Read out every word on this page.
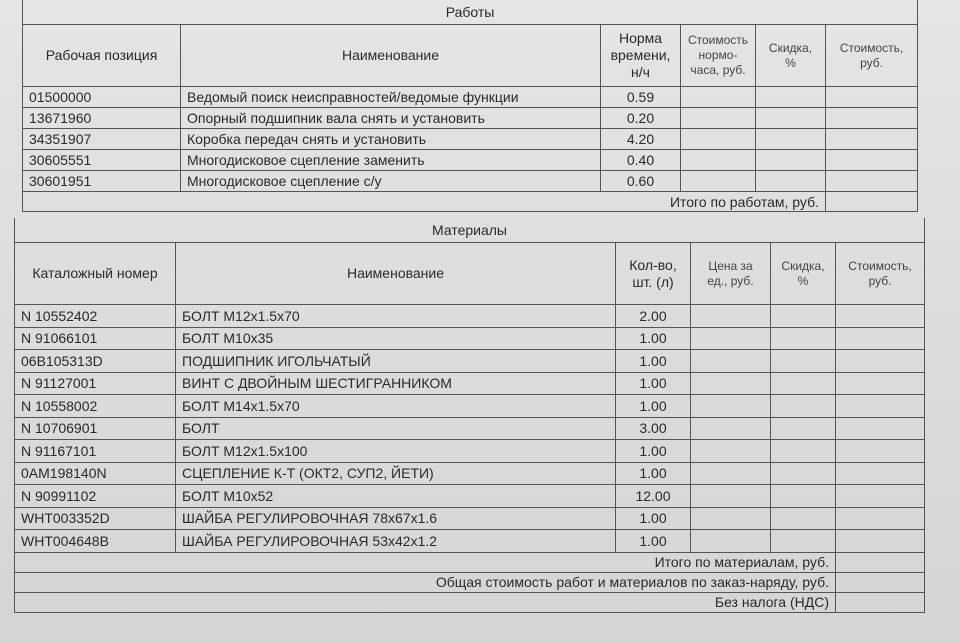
Работы					
Рабочая позиция	Наименование	Норма времени, н/ч	Стоимость нормо-часа, руб.	Скидка, %	Стоимость, руб.
01500000	Ведомый поиск неисправностей/ведомые функции	0.59			
13671960	Опорный подшипник вала снять и установить	0.20			
34351907	Коробка передач снять и установить	4.20			
30605551	Многодисковое сцепление заменить	0.40			
30601951	Многодисковое сцепление с/у	0.60			
Итого по работам, руб.					
Материалы					
Каталожный номер	Наименование	Кол-во, шт. (л)	Цена за ед., руб.	Скидка, %	Стоимость, руб.
N 10552402	БОЛТ М12x1.5x70	2.00			
N 91066101	БОЛТ М10x35	1.00			
06B105313D	ПОДШИПНИК ИГОЛЬЧАТЫЙ	1.00			
N 91127001	ВИНТ С ДВОЙНЫМ ШЕСТИГРАННИКОМ	1.00			
N 10558002	БОЛТ М14x1.5x70	1.00			
N 10706901	БОЛТ	3.00			
N 91167101	БОЛТ М12x1.5x100	1.00			
0AM198140N	СЦЕПЛЕНИЕ К-Т (ОКТ2, СУП2, ЙЕТИ)	1.00			
N 90991102	БОЛТ М10x52	12.00			
WHT003352D	ШАЙБА РЕГУЛИРОВОЧНАЯ 78x67x1.6	1.00			
WHT004648B	ШАЙБА РЕГУЛИРОВОЧНАЯ 53x42x1.2	1.00			
Итого по материалам, руб.					
Общая стоимость работ и материалов по заказ-наряду, руб.					
Без налога (НДС)					
